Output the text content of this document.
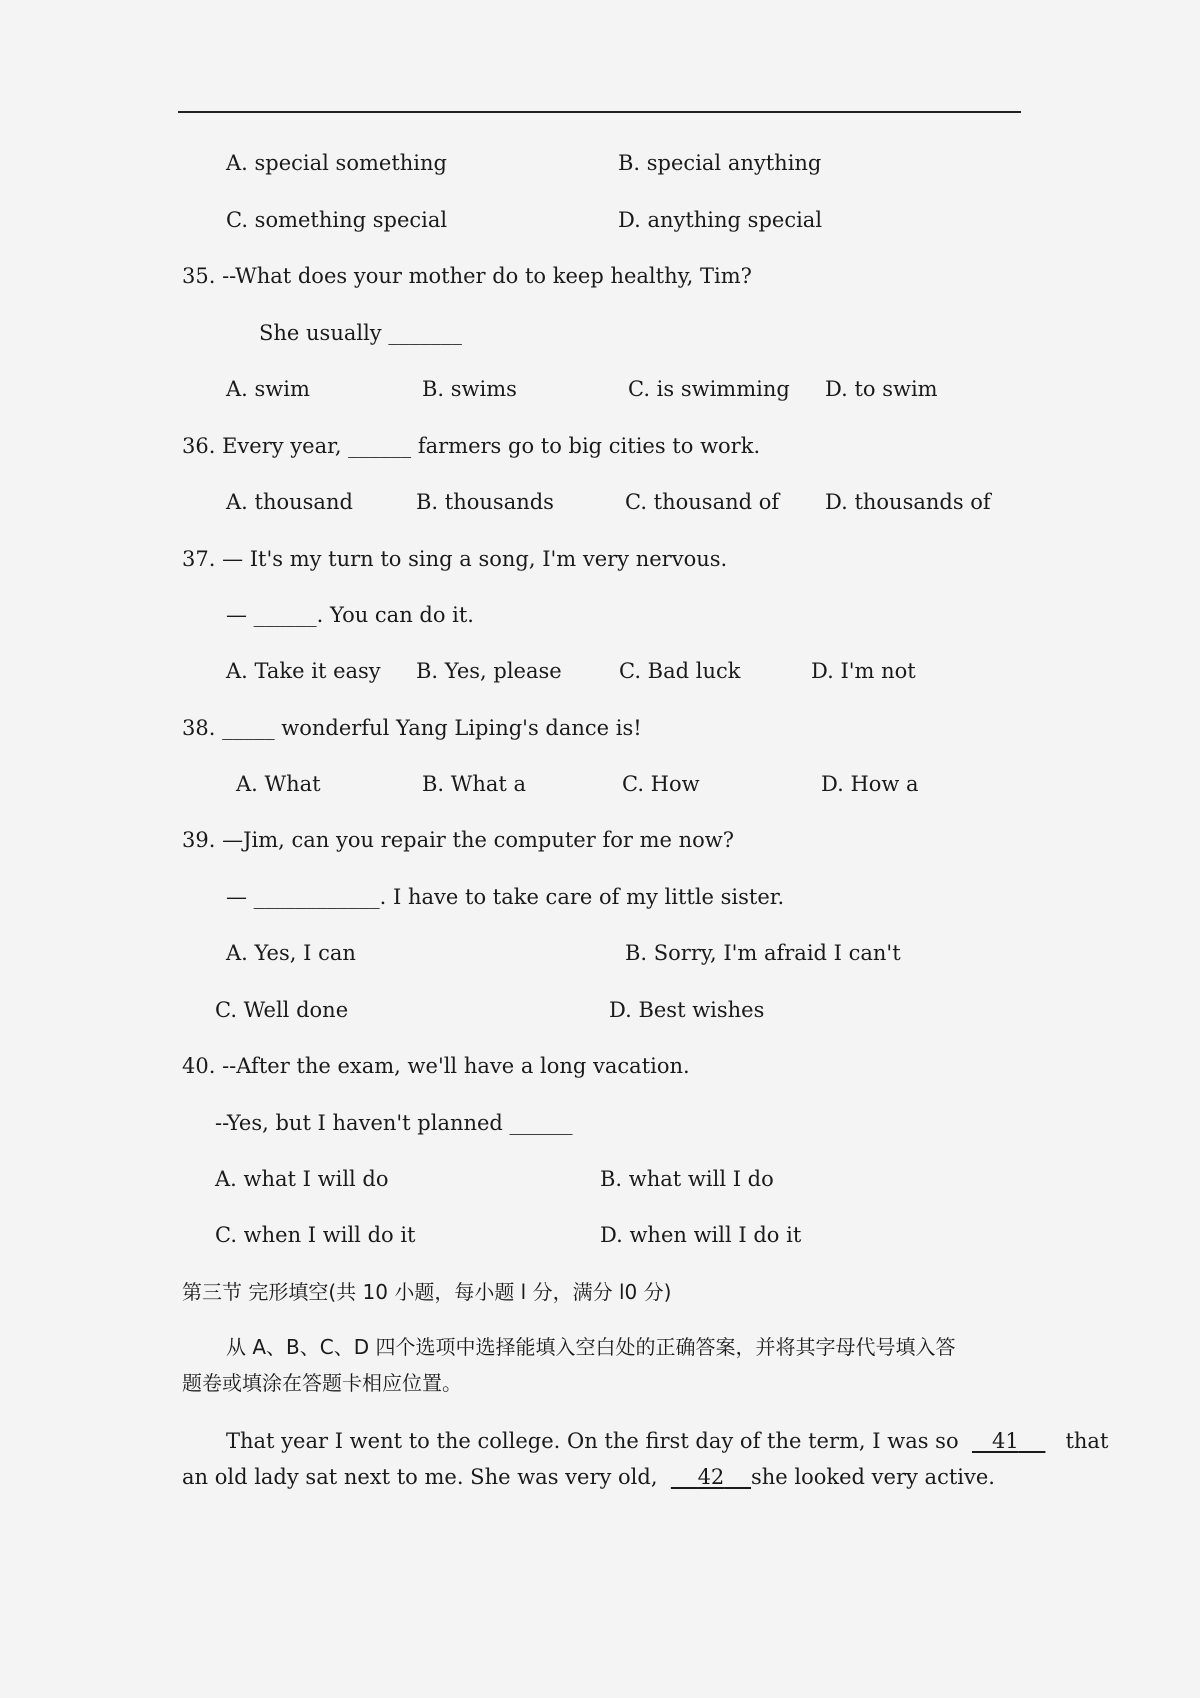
A. special something	B. special anything
C. something special	D. anything special
35. --What does your mother do to keep healthy, Tim?
She usually _______
A. swim	B. swims	C. is swimming D. to swim
36. Every year, ______ farmers go to big cities to work.
A. thousand	B. thousands	C. thousand of D. thousands of
37. — It's my turn to sing a song, I'm very nervous.
— ______. You can do it.
A. Take it easy B. Yes, please	C. Bad luck	D. I'm not
38. _____ wonderful Yang Liping's dance is!
A. What	B. What a	C. How	D. How a
39. —Jim, can you repair the computer for me now?
— ____________. I have to take care of my little sister.
A. Yes, I can	B. Sorry, I'm afraid I can't
C. Well done	D. Best wishes
40. --After the exam, we'll have a long vacation.
--Yes, but I haven't planned ______
A. what I will do	B. what will I do
C. when I will do it	D. when will I do it
第三节 完形填空(共 10 小题，每小题 l 分，满分 l0 分)
从 A、B、C、D 四个选项中选择能填入空白处的正确答案，并将其字母代号填入答
题卷或填涂在答题卡相应位置。
That year I went to the college. On the first day of the term, I was so 41 that
an old lady sat next to me. She was very old, 42 she looked very active.
